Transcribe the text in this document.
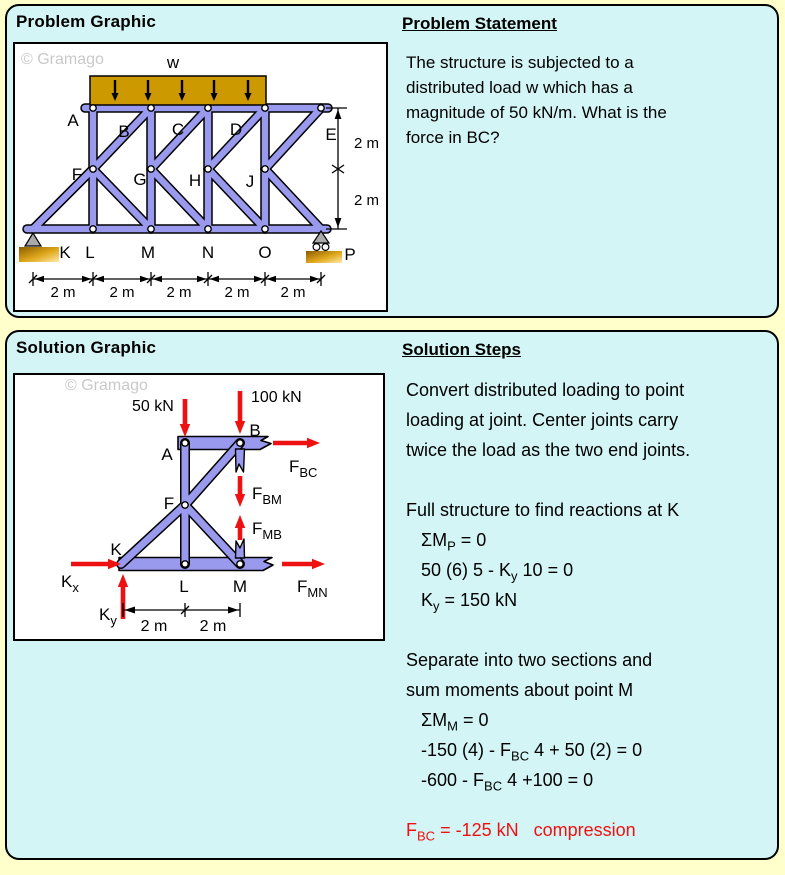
Problem Graphic
© Gramago	w
A
B C	D	E
F	G H	J
K L	M	N	O	P
2 m 2 m 2 m 2 m 2 m
2 m
2 m
Problem Statement
The structure is subjected to a
distributed load w which has a
magnitude of 50 kN/m. What is the
force in BC?
Solution Graphic
© Gramago
50 kN
100 kN
A
B
F
K
L	M
$F_{BC}$
$F_{BM}$
$F_{MB}$
$F_{MN}$
$K_x$
$K_y$ 2 m 2 m
Solution Steps
Convert distributed loading to point
loading at joint. Center joints carry
twice the load as the two end joints.
Full structure to find reactions at K
$\Sigma M_P = 0$
50 (6) $5 - K_y$ 10 = 0
$K_y = 150$ kN
Separate into two sections and
sum moments about point M
$\Sigma M_M = 0$
-150 $(4) - F_{BC}$ 4 + 50 (2) = 0
$-600 - F_{BC}$ 4 +100 = 0
$F_{BC} = -125$ kN   compression
